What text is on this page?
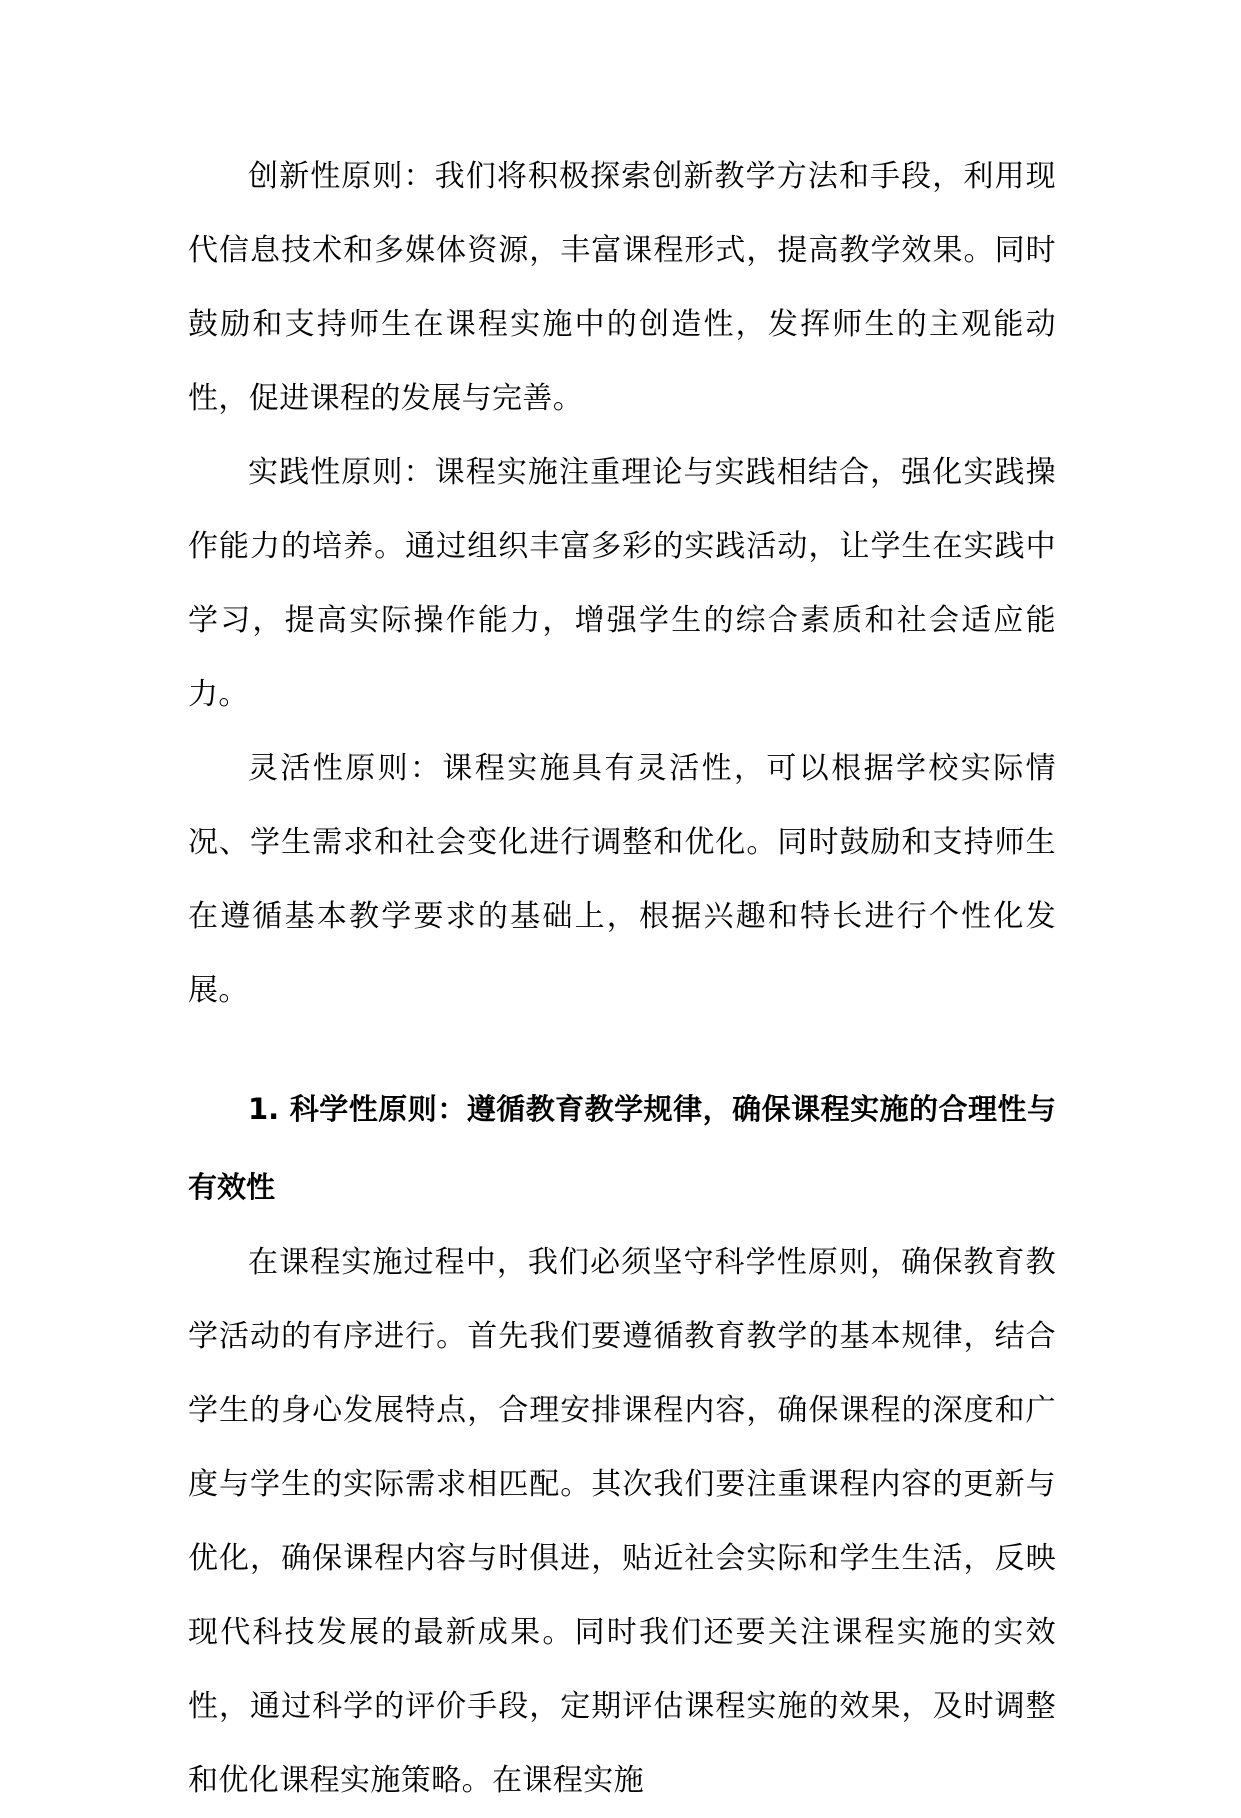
创新性原则：我们将积极探索创新教学方法和手段，利用现代信息技术和多媒体资源，丰富课程形式，提高教学效果。同时鼓励和支持师生在课程实施中的创造性，发挥师生的主观能动性，促进课程的发展与完善。

实践性原则：课程实施注重理论与实践相结合，强化实践操作能力的培养。通过组织丰富多彩的实践活动，让学生在实践中学习，提高实际操作能力，增强学生的综合素质和社会适应能力。

灵活性原则：课程实施具有灵活性，可以根据学校实际情况、学生需求和社会变化进行调整和优化。同时鼓励和支持师生在遵循基本教学要求的基础上，根据兴趣和特长进行个性化发展。

1. 科学性原则：遵循教育教学规律，确保课程实施的合理性与有效性

在课程实施过程中，我们必须坚守科学性原则，确保教育教学活动的有序进行。首先我们要遵循教育教学的基本规律，结合学生的身心发展特点，合理安排课程内容，确保课程的深度和广度与学生的实际需求相匹配。其次我们要注重课程内容的更新与优化，确保课程内容与时俱进，贴近社会实际和学生生活，反映现代科技发展的最新成果。同时我们还要关注课程实施的实效性，通过科学的评价手段，定期评估课程实施的效果，及时调整和优化课程实施策略。在课程实施
